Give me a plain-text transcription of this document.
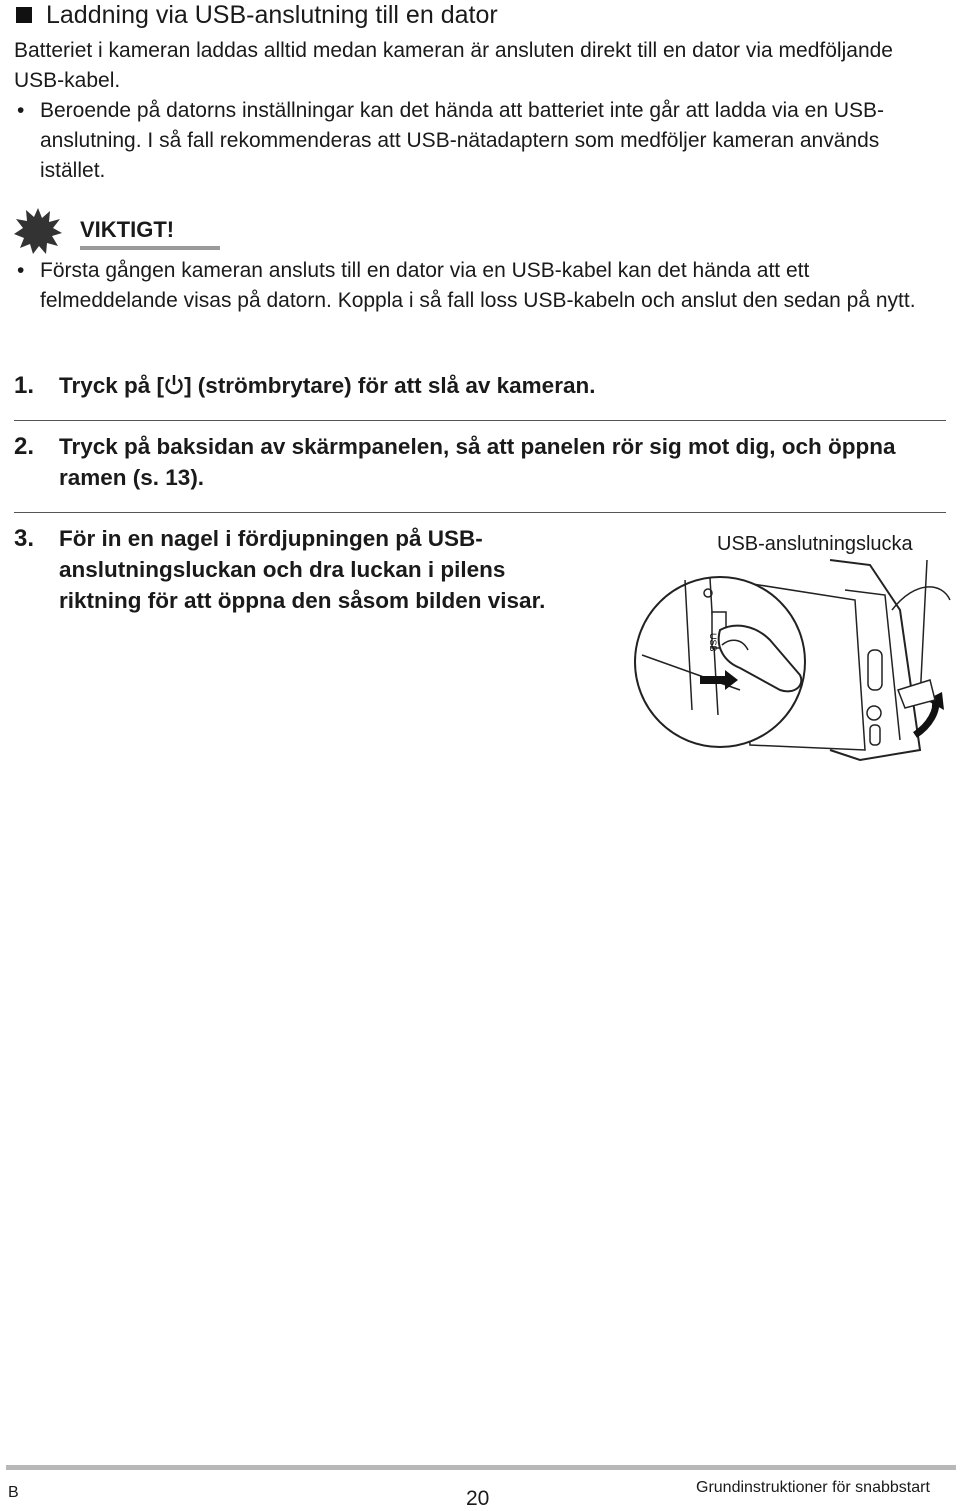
Laddning via USB-anslutning till en dator
Batteriet i kameran laddas alltid medan kameran är ansluten direkt till en dator via medföljande USB-kabel.
• Beroende på datorns inställningar kan det hända att batteriet inte går att ladda via en USB-anslutning. I så fall rekommenderas att USB-nätadaptern som medföljer kameran används istället.
VIKTIGT!
• Första gången kameran ansluts till en dator via en USB-kabel kan det hända att ett felmeddelande visas på datorn. Koppla i så fall loss USB-kabeln och anslut den sedan på nytt.
1.	Tryck på [ ] (strömbrytare) för att slå av kameran.
2.	Tryck på baksidan av skärmpanelen, så att panelen rör sig mot dig, och öppna ramen (s. 13).
3.	För in en nagel i fördjupningen på USB-anslutningsluckan och dra luckan i pilens riktning för att öppna den såsom bilden visar.
USB-anslutningslucka
USB
B	20	Grundinstruktioner för snabbstart
